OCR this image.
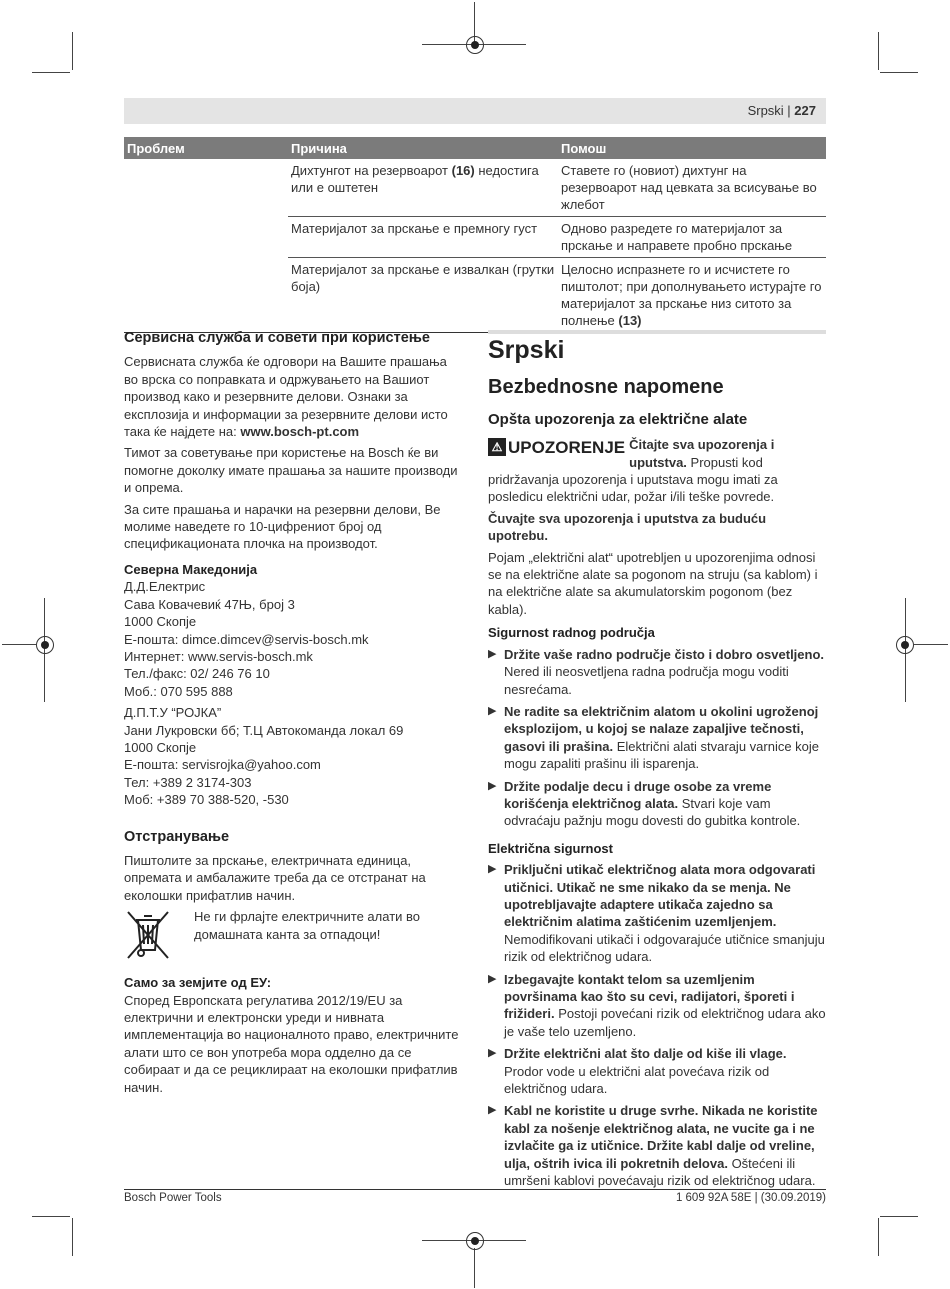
Srpski | 227
Проблем	Причина	Помош
	Дихтунгот на резервоарот (16) недостига или е оштетен	Ставете го (новиот) дихтунг на резервоарот над цевката за всисување во жлебот
	Материјалот за прскање е премногу густ	Одново разредете го материјалот за прскање и направете пробно прскање
	Материјалот за прскање е извалкан (грутки боја)	Целосно испразнете го и исчистете го пиштолот; при дополнувањето истурајте го материјалот за прскање низ ситото за полнење (13)
Сервисна служба и совети при користење

Сервисната служба ќе одговори на Вашите прашања во врска со поправката и одржувањето на Вашиот производ како и резервните делови. Ознаки за експлозија и информации за резервните делови исто така ќе најдете на: www.bosch-pt.com

Тимот за советување при користење на Bosch ќе ви помогне доколку имате прашања за нашите производи и опрема.

За сите прашања и нарачки на резервни делови, Ве молиме наведете го 10-цифрениот број од спецификационата плочка на производот.

Северна Македонија
Д.Д.Електрис
Сава Ковачевиќ 47Њ, број 3
1000 Скопје
E-пошта: dimce.dimcev@servis-bosch.mk
Интернет: www.servis-bosch.mk
Тел./факс: 02/ 246 76 10
Моб.: 070 595 888
Д.П.Т.У “РОЈКА”
Јани Лукровски бб; Т.Ц Автокоманда локал 69
1000 Скопје
E-пошта: servisrojka@yahoo.com
Тел: +389 2 3174-303
Моб: +389 70 388-520, -530
Отстранување

Пиштолите за прскање, електричната единица, опремата и амбалажите треба да се отстранат на еколошки прифатлив начин.

Не ги фрлајте електричните алати во домашната канта за отпадоци!
Само за земјите од ЕУ:

Според Европската регулатива 2012/19/EU за електрични и електронски уреди и нивната имплементација во националното право, електричните алати што се вон употреба мора одделно да се собираат и да се рециклираат на еколошки прифатлив начин.

Srpski
Bezbednosne napomene
Opšta upozorenja za električne alate

⚠ UPOZORENJE Čitajte sva upozorenja i uputstva. Propusti kod pridržavanja upozorenja i uputstava mogu imati za posledicu električni udar, požar i/ili teške povrede.

Čuvajte sva upozorenja i uputstva za buduću upotrebu.

Pojam „električni alat“ upotrebljen u upozorenjima odnosi se na električne alate sa pogonom na struju (sa kablom) i na električne alate sa akumulatorskim pogonom (bez kabla).

Sigurnost radnog područja
▶ Držite vaše radno područje čisto i dobro osvetljeno. Nered ili neosvetljena radna područja mogu voditi nesrećama.
▶ Ne radite sa električnim alatom u okolini ugroženoj eksplozijom, u kojoj se nalaze zapaljive tečnosti, gasovi ili prašina. Električni alati stvaraju varnice koje mogu zapaliti prašinu ili isparenja.
▶ Držite podalje decu i druge osobe za vreme korišćenja električnog alata. Stvari koje vam odvraćaju pažnju mogu dovesti do gubitka kontrole.
Električna sigurnost
▶ Priključni utikač električnog alata mora odgovarati utičnici. Utikač ne sme nikako da se menja. Ne upotrebljavajte adaptere utikača zajedno sa električnim alatima zaštićenim uzemljenjem. Nemodifikovani utikači i odgovarajuće utičnice smanjuju rizik od električnog udara.
▶ Izbegavajte kontakt telom sa uzemljenim površinama kao što su cevi, radijatori, šporeti i frižideri. Postoji povećani rizik od električnog udara ako je vaše telo uzemljeno.
▶ Držite električni alat što dalje od kiše ili vlage. Prodor vode u električni alat povećava rizik od električnog udara.
▶ Kabl ne koristite u druge svrhe. Nikada ne koristite kabl za nošenje električnog alata, ne vucite ga i ne izvlačite ga iz utičnice. Držite kabl dalje od vreline, ulja, oštrih ivica ili pokretnih delova. Oštećeni ili umršeni kablovi povećavaju rizik od električnog udara.
Bosch Power Tools	1 609 92A 58E | (30.09.2019)
